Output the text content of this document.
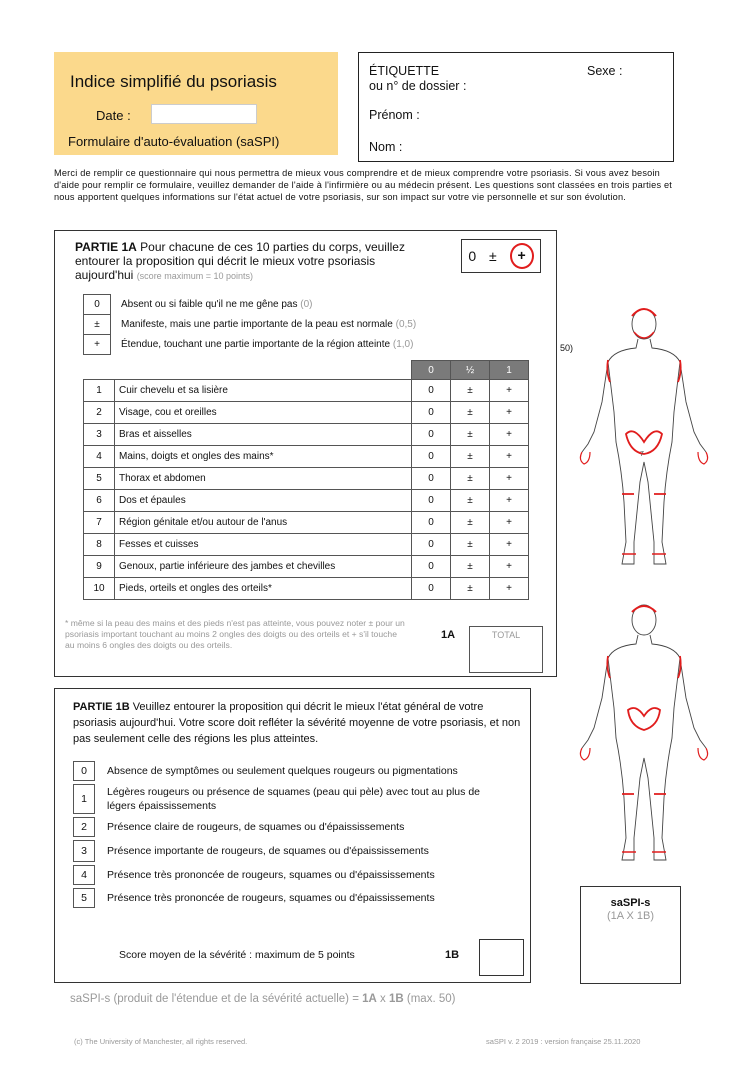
Indice simplifié du psoriasis
Date :
Formulaire d'auto-évaluation (saSPI)
ÉTIQUETTE
ou n° de dossier :
Sexe :
Prénom :
Nom :
Merci de remplir ce questionnaire qui nous permettra de mieux vous comprendre et de mieux comprendre votre psoriasis. Si vous avez besoin d'aide pour remplir ce formulaire, veuillez demander de l'aide à l'infirmière ou au médecin présent. Les questions sont classées en trois parties et nous apportent quelques informations sur l'état actuel de votre psoriasis, sur son impact sur votre vie personnelle et sur son évolution.
PARTIE 1A Pour chacune de ces 10 parties du corps, veuillez entourer la proposition qui décrit le mieux votre psoriasis aujourd'hui (score maximum = 10 points)
0 ±	+
0	Absent ou si faible qu'il ne me gêne pas (0)
±	Manifeste, mais une partie importante de la peau est normale (0,5)
+	Étendue, touchant une partie importante de la région atteinte (1,0)
		0	½	1
1	Cuir chevelu et sa lisière	0	±	+
2	Visage, cou et oreilles	0	±	+
3	Bras et aisselles	0	±	+
4	Mains, doigts et ongles des mains*	0	±	+
5	Thorax et abdomen	0	±	+
6	Dos et épaules	0	±	+
7	Région génitale et/ou autour de l'anus	0	±	+
8	Fesses et cuisses	0	±	+
9	Genoux, partie inférieure des jambes et chevilles	0	±	+
10	Pieds, orteils et ongles des orteils*	0	±	+
TOTAL
* même si la peau des mains et des pieds n'est pas atteinte, vous pouvez noter ± pour un psoriasis important touchant au moins 2 ongles des doigts ou des orteils et + s'il touche au moins 6 ongles des doigts ou des orteils.
1A
50)
PARTIE 1B Veuillez entourer la proposition qui décrit le mieux l'état général de votre psoriasis aujourd'hui. Votre score doit refléter la sévérité moyenne de votre psoriasis, et non pas seulement celle des régions les plus atteintes.
0	Absence de symptômes ou seulement quelques rougeurs ou pigmentations
1
Légères rougeurs ou présence de squames (peau qui pèle) avec tout au plus de légers épaississements
2	Présence claire de rougeurs, de squames ou d'épaississements
3	Présence importante de rougeurs, de squames ou d'épaississements
4	Présence très prononcée de rougeurs, squames ou d'épaississements
5	Présence très prononcée de rougeurs, squames ou d'épaississements
Score moyen de la sévérité : maximum de 5 points	1B
saSPI-s
(1A X 1B)
saSPI-s (produit de l'étendue et de la sévérité actuelle) = 1A x 1B (max. 50)
(c) The University of Manchester, all rights reserved.	saSPI v. 2 2019 : version française 25.11.2020
7
